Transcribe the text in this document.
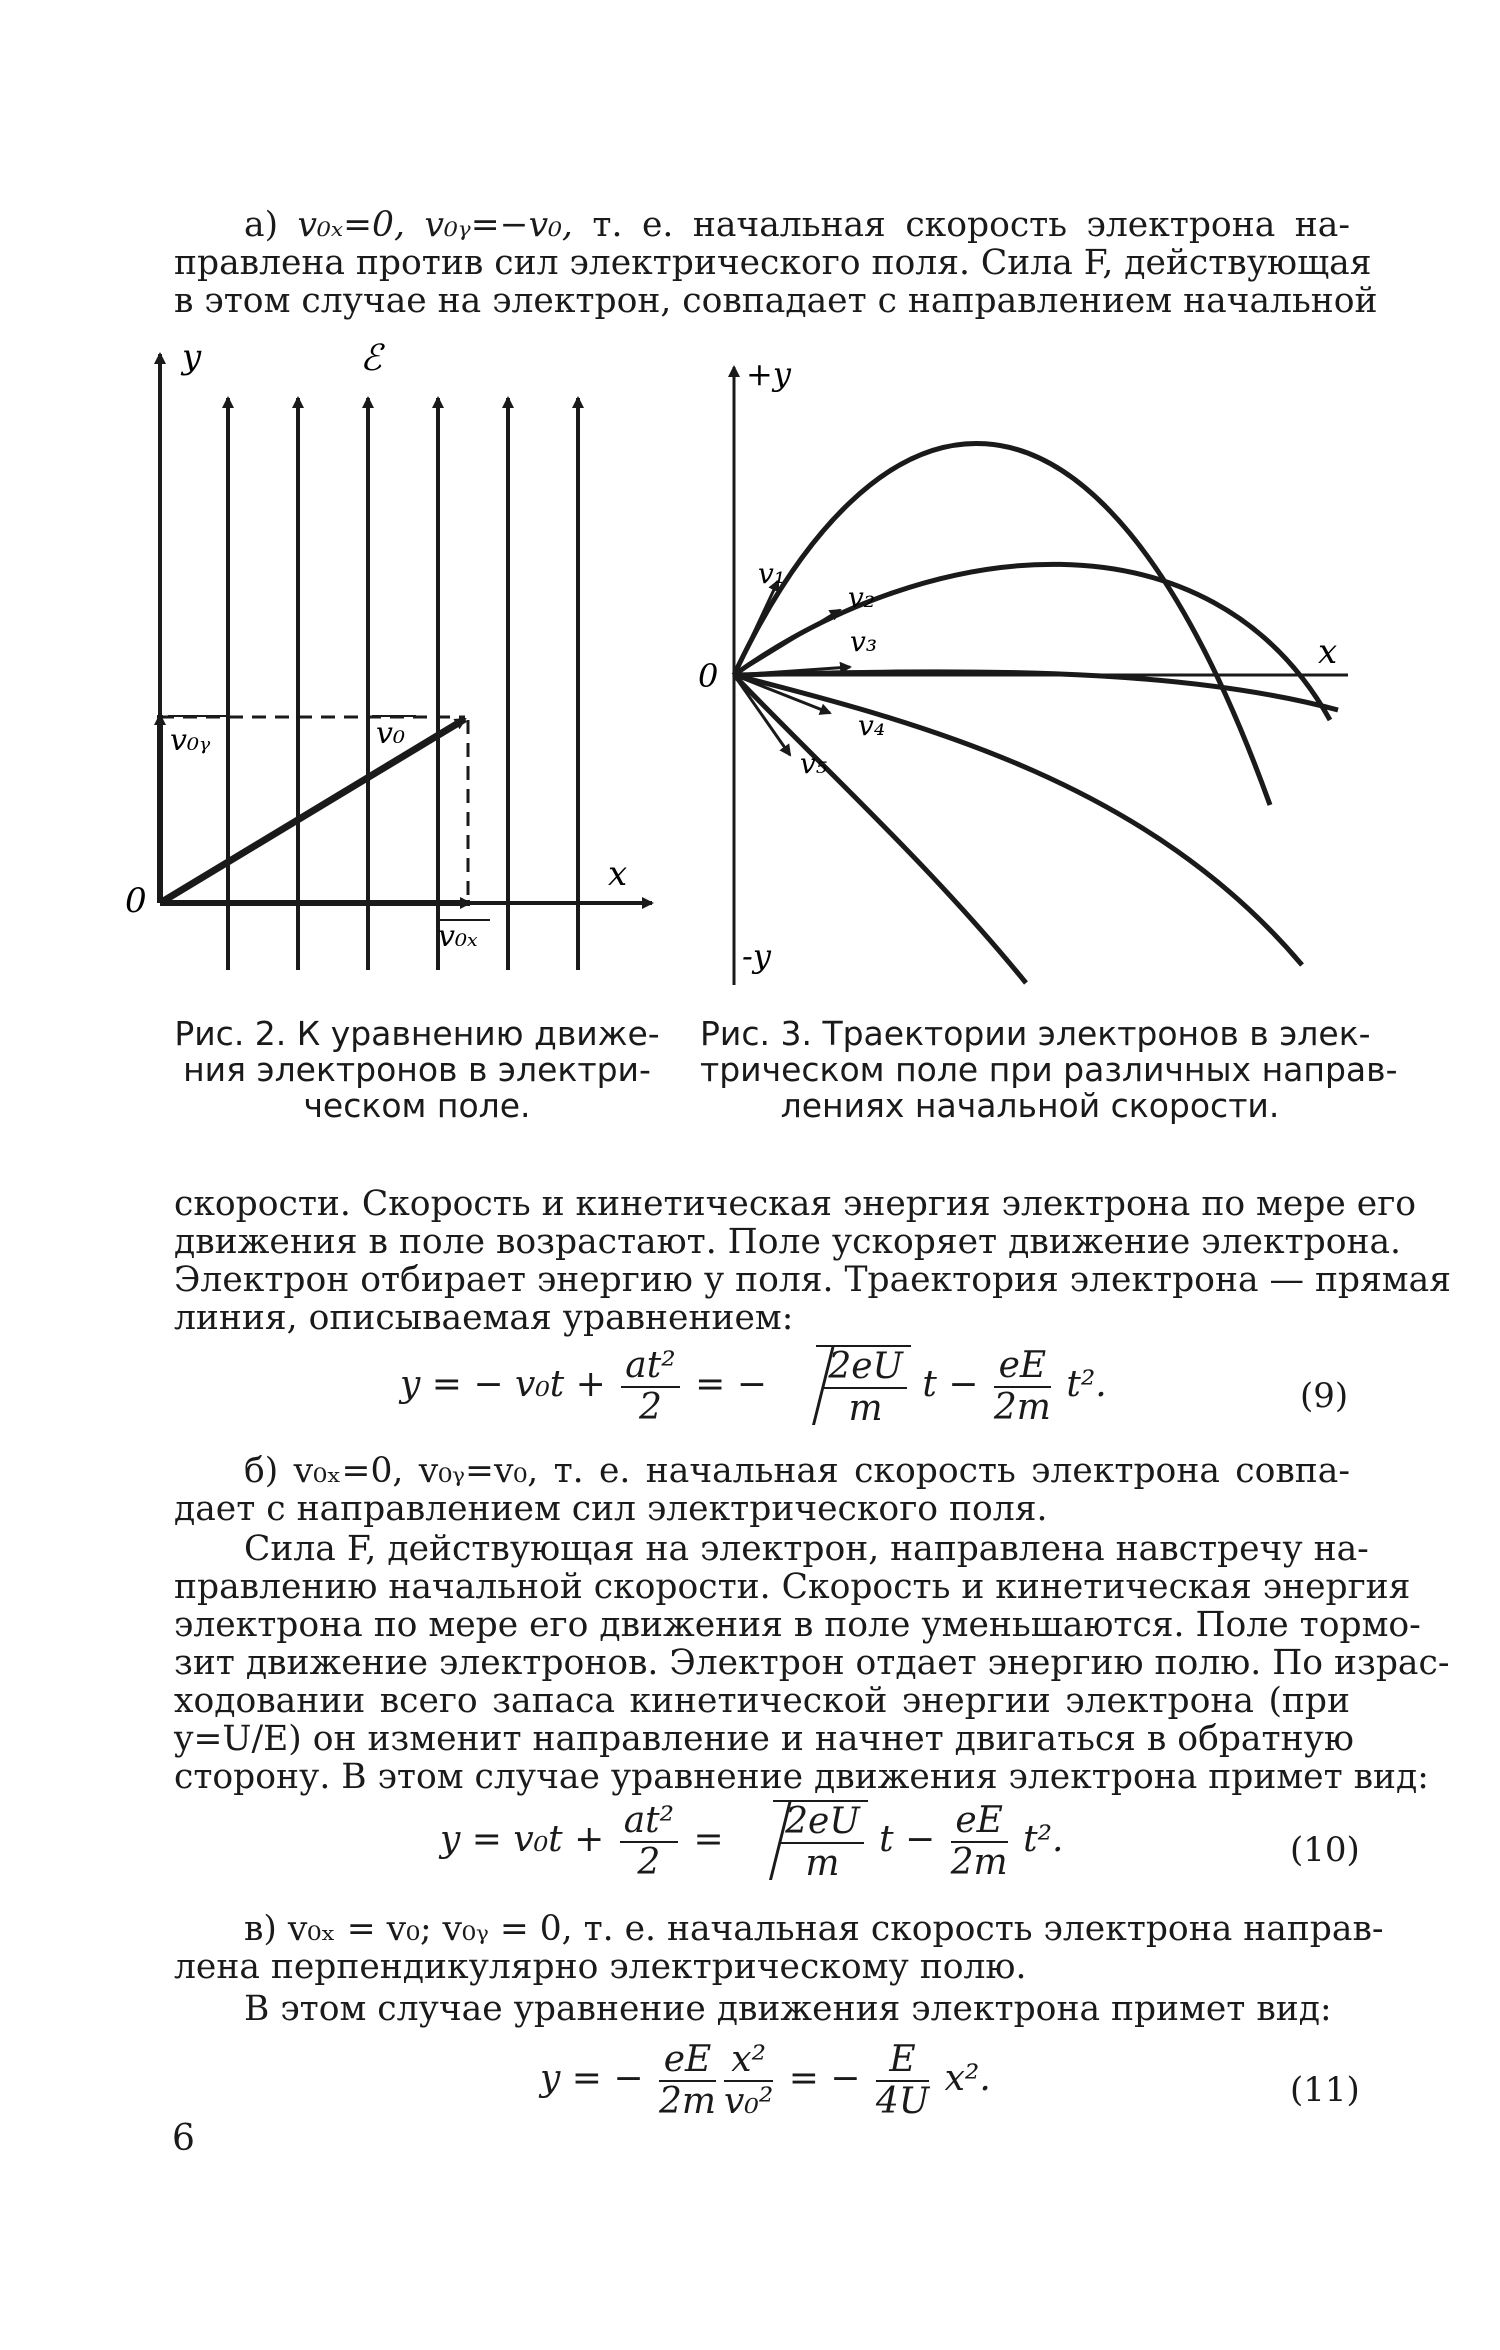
а) v₀ₓ=0, v₀ᵧ=−v₀, т. е. начальная скорость электрона на-
правлена против сил электрического поля. Сила F, действующая
в этом случае на электрон, совпадает с направлением начальной
y	ℰ
x
0
v₀ᵧ	v₀
v₀ₓ
+y
-y
x
0
v₁
v₂
v₃
v₄
v₅
Рис. 2. К уравнению движе-
ния электронов в электри-
ческом поле.
Рис. 3. Траектории электронов в элек-
трическом поле при различных направ-
лениях начальной скорости.
скорости. Скорость и кинетическая энергия электрона по мере его
движения в поле возрастают. Поле ускоряет движение электрона.
Электрон отбирает энергию у поля. Траектория электрона — прямая
линия, описываемая уравнением:
y = − $v_0t + \frac{\text{at²}}{2}$ = − $\frac{2eU}{m}$ $t - \frac{eE}{2m} t^2$.	(9)
б) v₀ₓ=0, v₀ᵧ=v₀, т. е. начальная скорость электрона совпа-
дает с направлением сил электрического поля.
Сила F, действующая на электрон, направлена навстречу на-
правлению начальной скорости. Скорость и кинетическая энергия
электрона по мере его движения в поле уменьшаются. Поле тормо-
зит движение электронов. Электрон отдает энергию полю. По израс-
ходовании всего запаса кинетической энергии электрона (при
y=U/E) он изменит направление и начнет двигаться в обратную
сторону. В этом случае уравнение движения электрона примет вид:
$y = v_0t + \frac{\text{at²}}{2} = \frac{2eU}{m}$ $t - \frac{eE}{2m} t^2$.	(10)
в) v₀ₓ = v₀; v₀ᵧ = 0, т. е. начальная скорость электрона направ-
лена перпендикулярно электрическому полю.
В этом случае уравнение движения электрона примет вид:
y = − $\frac{eE}{2m} \frac{\text{x²}}{\text{v₀²}}$ = − $\frac{E}{4U} x^2$.	(11)
6
